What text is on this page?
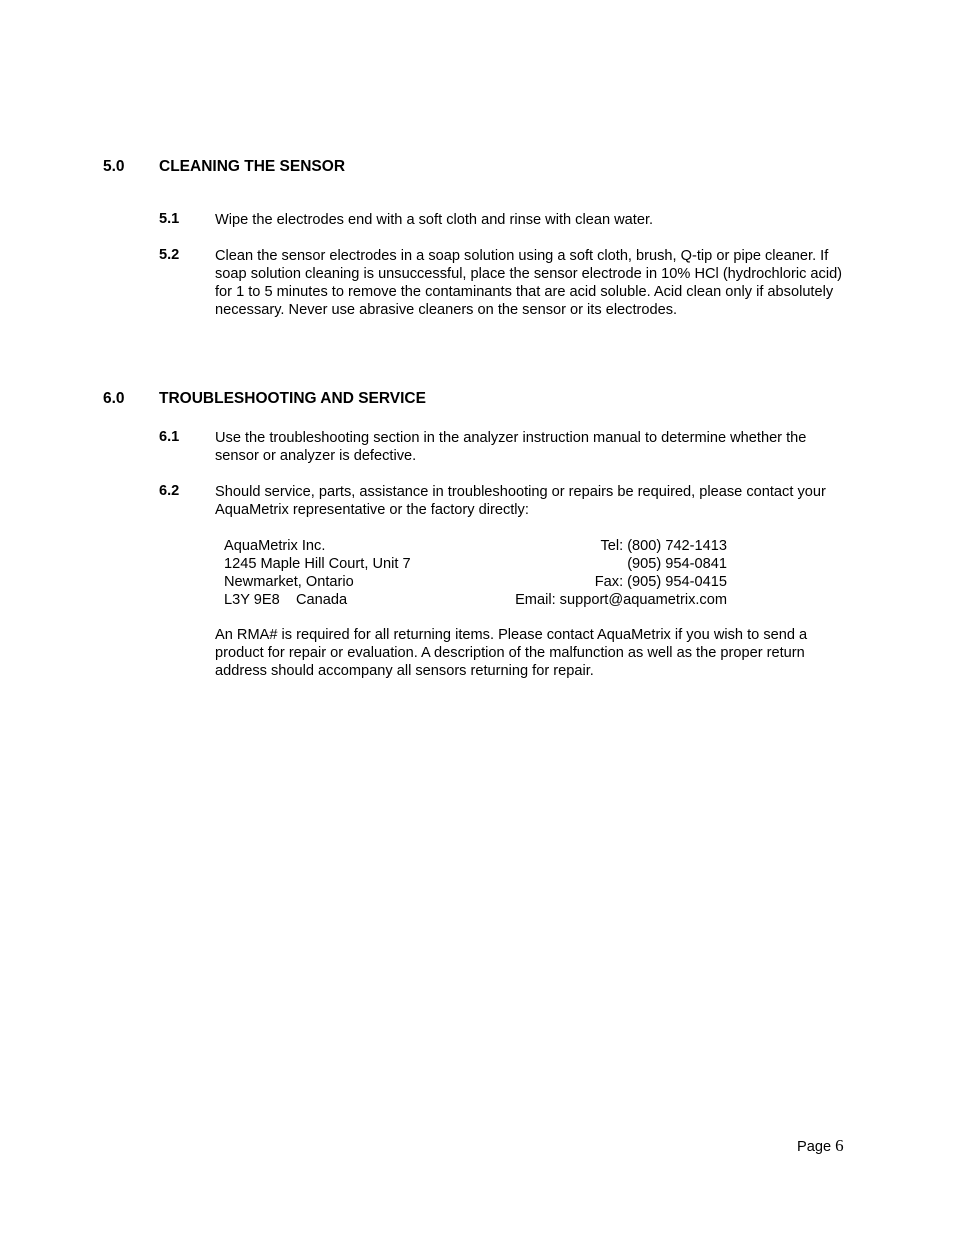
5.0 CLEANING THE SENSOR
5.1 Wipe the electrodes end with a soft cloth and rinse with clean water.
5.2 Clean the sensor electrodes in a soap solution using a soft cloth, brush, Q-tip or pipe cleaner. If soap solution cleaning is unsuccessful, place the sensor electrode in 10% HCl (hydrochloric acid) for 1 to 5 minutes to remove the contaminants that are acid soluble. Acid clean only if absolutely necessary. Never use abrasive cleaners on the sensor or its electrodes.
6.0 TROUBLESHOOTING AND SERVICE
6.1 Use the troubleshooting section in the analyzer instruction manual to determine whether the sensor or analyzer is defective.
6.2 Should service, parts, assistance in troubleshooting or repairs be required, please contact your AquaMetrix representative or the factory directly:
AquaMetrix Inc.	Tel: (800) 742-1413
1245 Maple Hill Court, Unit 7	(905) 954-0841
Newmarket, Ontario	Fax: (905) 954-0415
L3Y 9E8    Canada	Email: support@aquametrix.com
An RMA# is required for all returning items. Please contact AquaMetrix if you wish to send a product for repair or evaluation. A description of the malfunction as well as the proper return address should accompany all sensors returning for repair.
Page 6
